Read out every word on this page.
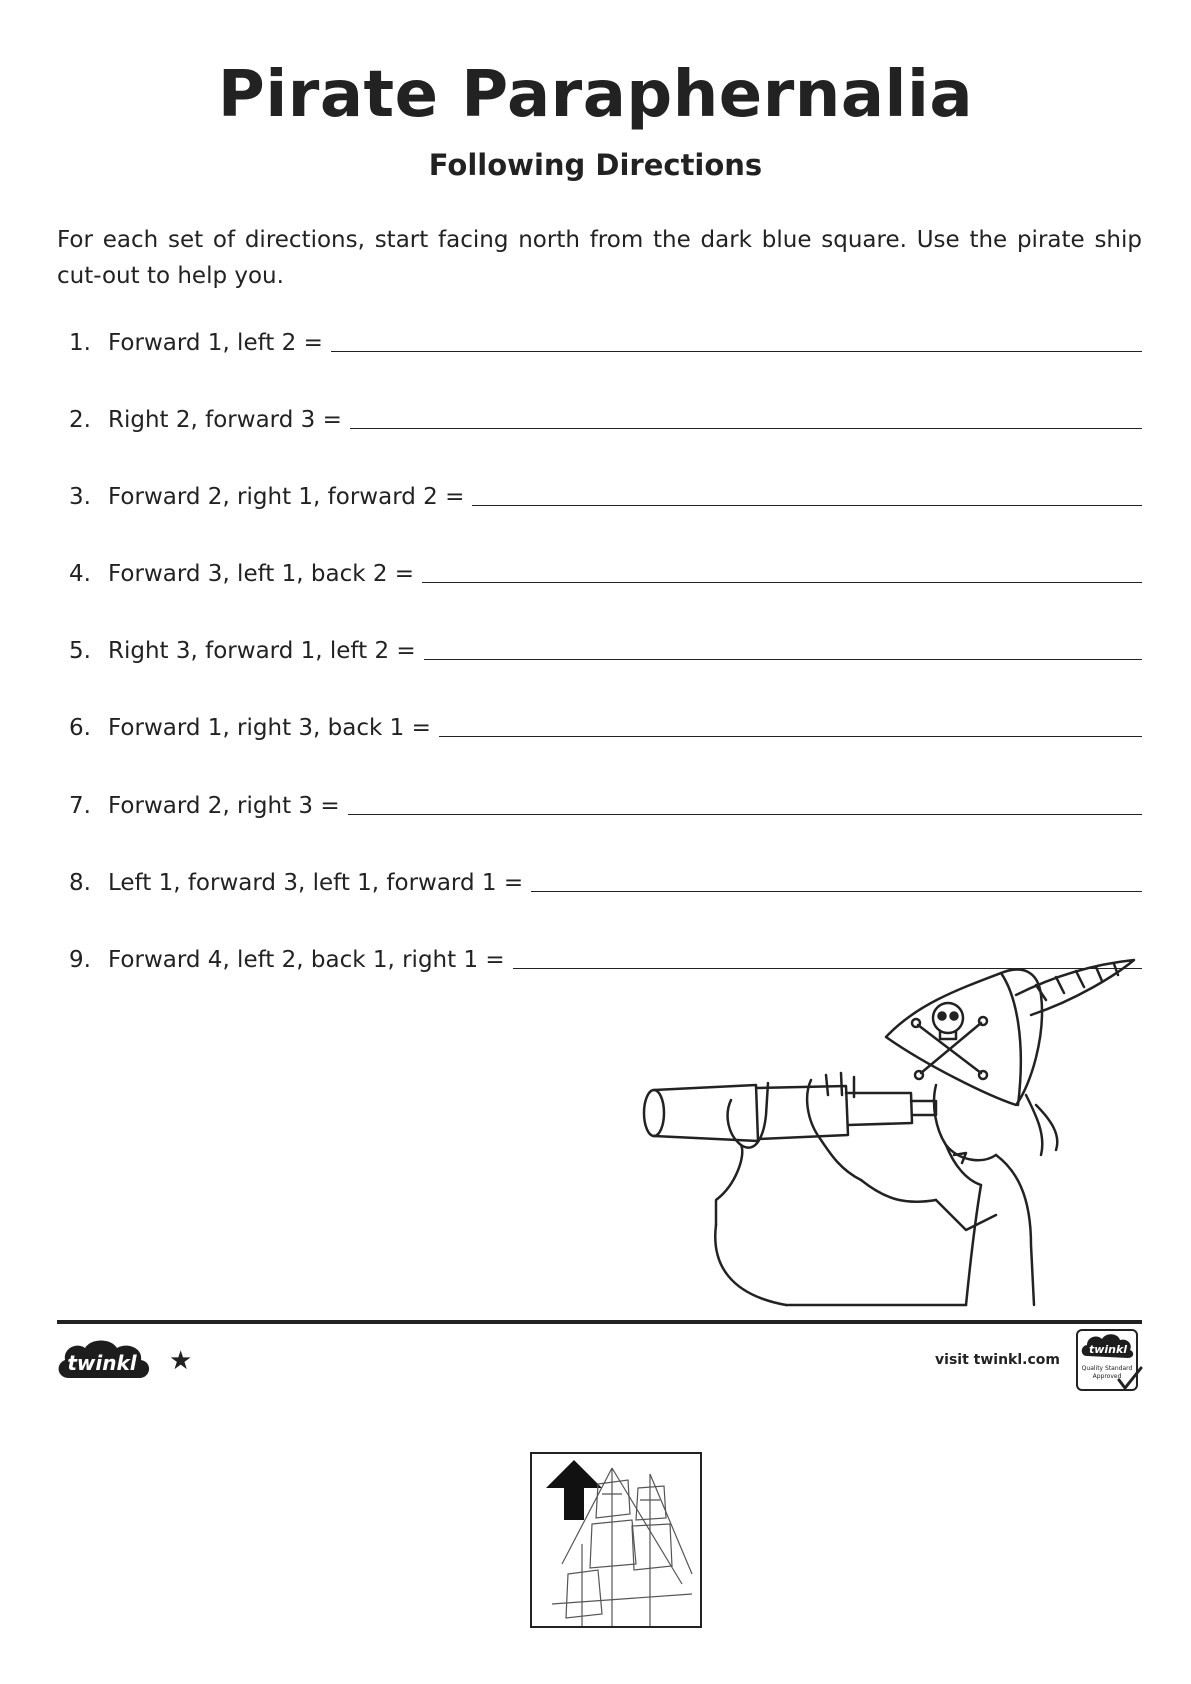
Pirate Paraphernalia
Following Directions

For each set of directions, start facing north from the dark blue square. Use the pirate ship cut-out to help you.

1. Forward 1, left 2 =
2. Right 2, forward 3 =
3. Forward 2, right 1, forward 2 =
4. Forward 3, left 1, back 2 =
5. Right 3, forward 1, left 2 =
6. Forward 1, right 3, back 1 =
7. Forward 2, right 3 =
8. Left 1, forward 3, left 1, forward 1 =
9. Forward 4, left 2, back 1, right 1 =
twinkl ★	visit twinkl.com
twinkl
Quality Standard
Approved
